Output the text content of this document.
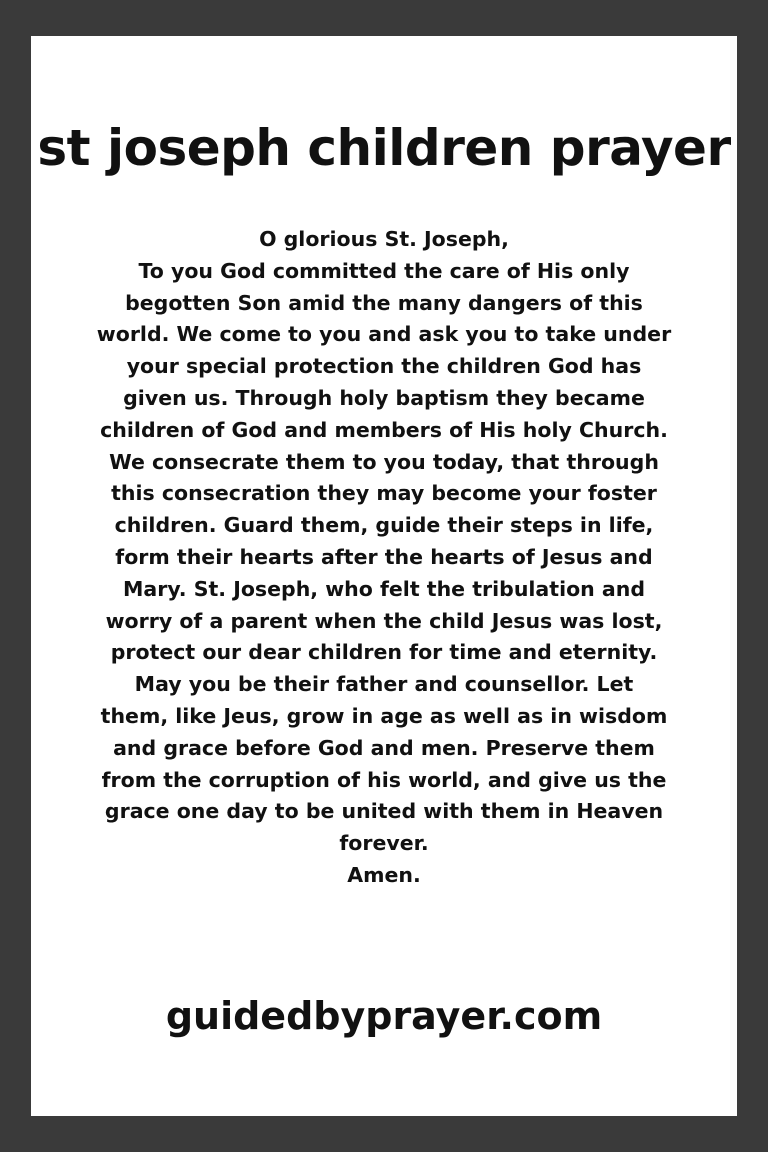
st joseph children prayer
O glorious St. Joseph,
To you God committed the care of His only
begotten Son amid the many dangers of this
world. We come to you and ask you to take under
your special protection the children God has
given us. Through holy baptism they became
children of God and members of His holy Church.
We consecrate them to you today, that through
this consecration they may become your foster
children. Guard them, guide their steps in life,
form their hearts after the hearts of Jesus and
Mary. St. Joseph, who felt the tribulation and
worry of a parent when the child Jesus was lost,
protect our dear children for time and eternity.
May you be their father and counsellor. Let
them, like Jeus, grow in age as well as in wisdom
and grace before God and men. Preserve them
from the corruption of his world, and give us the
grace one day to be united with them in Heaven
forever.
Amen.
guidedbyprayer.com
